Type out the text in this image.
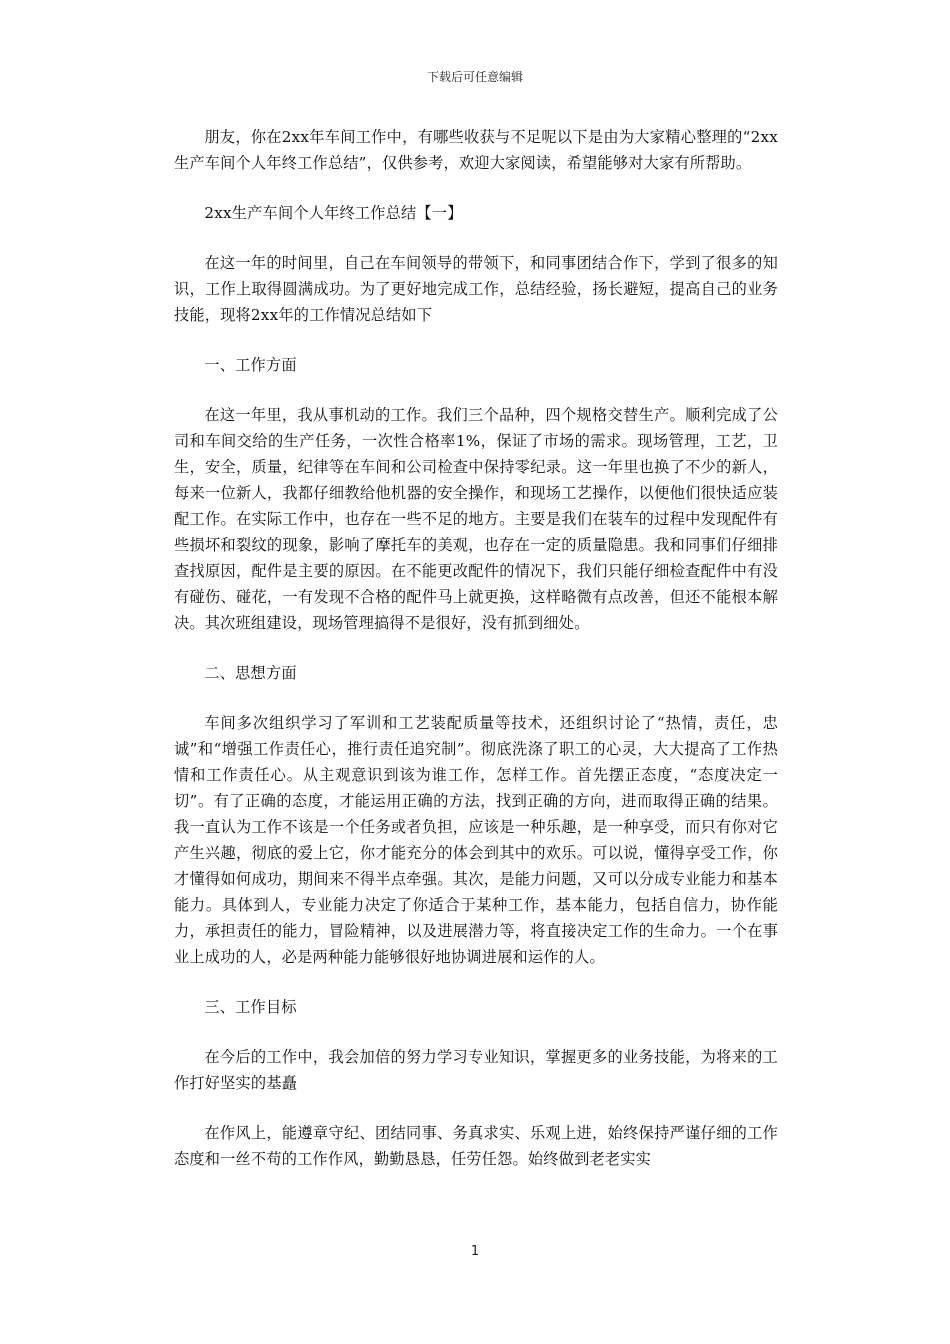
下载后可任意编辑

朋友，你在2xx年车间工作中，有哪些收获与不足呢以下是由为大家精心整理的“2xx生产车间个人年终工作总结”，仅供参考，欢迎大家阅读，希望能够对大家有所帮助。

2xx生产车间个人年终工作总结【一】

在这一年的时间里，自己在车间领导的带领下，和同事团结合作下，学到了很多的知识，工作上取得圆满成功。为了更好地完成工作，总结经验，扬长避短，提高自己的业务技能，现将2xx年的工作情况总结如下

一、工作方面

在这一年里，我从事机动的工作。我们三个品种，四个规格交替生产。顺利完成了公司和车间交给的生产任务，一次性合格率1%，保证了市场的需求。现场管理，工艺，卫生，安全，质量，纪律等在车间和公司检查中保持零纪录。这一年里也换了不少的新人，每来一位新人，我都仔细教给他机器的安全操作，和现场工艺操作，以便他们很快适应装配工作。在实际工作中，也存在一些不足的地方。主要是我们在装车的过程中发现配件有些损坏和裂纹的现象，影响了摩托车的美观，也存在一定的质量隐患。我和同事们仔细排查找原因，配件是主要的原因。在不能更改配件的情况下，我们只能仔细检查配件中有没有碰伤、碰花，一有发现不合格的配件马上就更换，这样略微有点改善，但还不能根本解决。其次班组建设，现场管理搞得不是很好，没有抓到细处。

二、思想方面

车间多次组织学习了军训和工艺装配质量等技术，还组织讨论了“热情，责任，忠诚”和“增强工作责任心，推行责任追究制”。彻底洗涤了职工的心灵，大大提高了工作热情和工作责任心。从主观意识到该为谁工作，怎样工作。首先摆正态度，“态度决定一切”。有了正确的态度，才能运用正确的方法，找到正确的方向，进而取得正确的结果。我一直认为工作不该是一个任务或者负担，应该是一种乐趣，是一种享受，而只有你对它产生兴趣，彻底的爱上它，你才能充分的体会到其中的欢乐。可以说，懂得享受工作，你才懂得如何成功，期间来不得半点牵强。其次，是能力问题，又可以分成专业能力和基本能力。具体到人，专业能力决定了你适合于某种工作，基本能力，包括自信力，协作能力，承担责任的能力，冒险精神，以及进展潜力等，将直接决定工作的生命力。一个在事业上成功的人，必是两种能力能够很好地协调进展和运作的人。

三、工作目标

在今后的工作中，我会加倍的努力学习专业知识，掌握更多的业务技能，为将来的工作打好坚实的基矗

在作风上，能遵章守纪、团结同事、务真求实、乐观上进，始终保持严谨仔细的工作态度和一丝不苟的工作作风，勤勤恳恳，任劳任怨。始终做到老老实实

1
